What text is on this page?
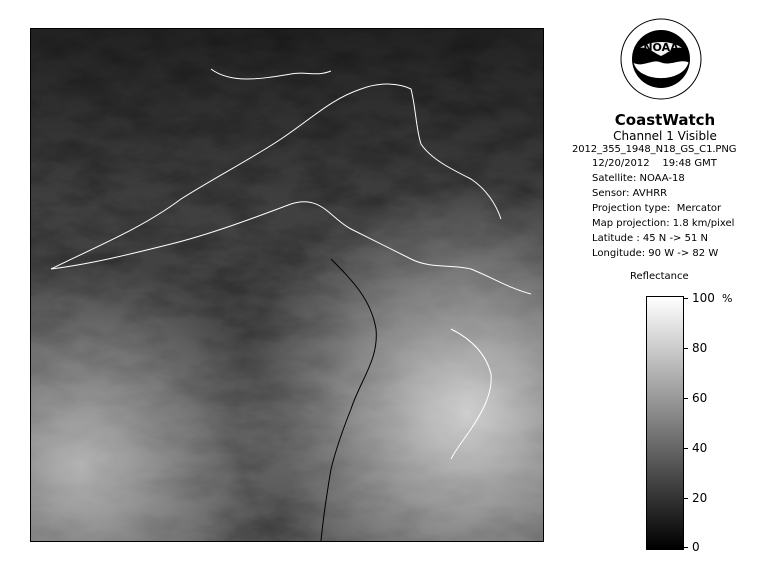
NOAA
CoastWatch
Channel 1 Visible
2012_355_1948_N18_GS_C1.PNG
12/20/2012    19:48 GMT
Satellite: NOAA-18
Sensor: AVHRR
Projection type:  Mercator
Map projection: 1.8 km/pixel
Latitude : 45 N -> 51 N
Longitude: 90 W -> 82 W
Reflectance
%
100
80
60
40
20
0
